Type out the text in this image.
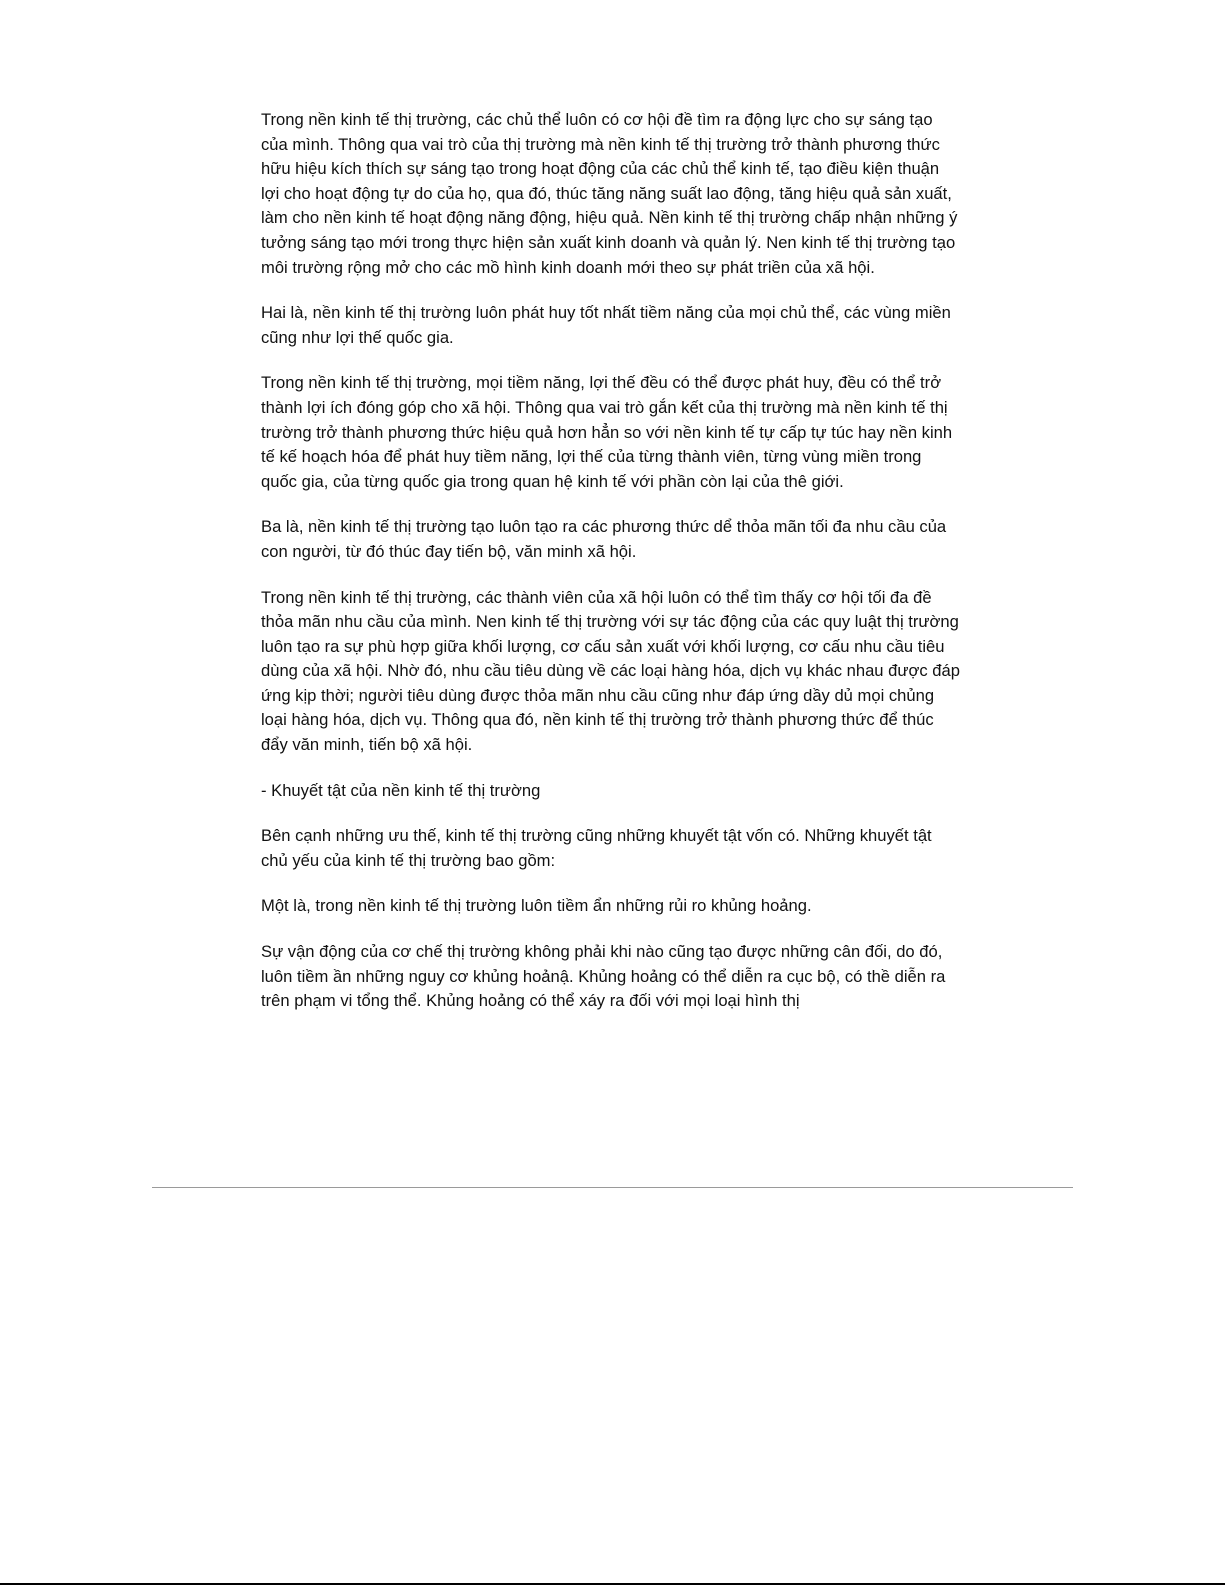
Trong nền kinh tế thị trường, các chủ thể luôn có cơ hội đề tìm ra động lực cho sự sáng tạo của mình. Thông qua vai trò của thị trường mà nền kinh tế thị trường trở thành phương thức hữu hiệu kích thích sự sáng tạo trong hoạt động của các chủ thể kinh tế, tạo điều kiện thuận lợi cho hoạt động tự do của họ, qua đó, thúc tăng năng suất lao động, tăng hiệu quả sản xuất, làm cho nền kinh tế hoạt động năng động, hiệu quả. Nền kinh tế thị trường chấp nhận những ý tưởng sáng tạo mới trong thực hiện sản xuất kinh doanh và quản lý. Nen kinh tế thị trường tạo môi trường rộng mở cho các mồ hình kinh doanh mới theo sự phát triền của xã hội.

Hai là, nền kinh tế thị trường luôn phát huy tốt nhất tiềm năng của mọi chủ thể, các vùng miền cũng như lợi thế quốc gia.

Trong nền kinh tế thị trường, mọi tiềm năng, lợi thế đều có thể được phát huy, đều có thể trở thành lợi ích đóng góp cho xã hội. Thông qua vai trò gắn kết của thị trường mà nền kinh tế thị trường trở thành phương thức hiệu quả hơn hẳn so với nền kinh tế tự cấp tự túc hay nền kinh tế kế hoạch hóa để phát huy tiềm năng, lợi thế của từng thành viên, từng vùng miền trong quốc gia, của từng quốc gia trong quan hệ kinh tế với phần còn lại của thê giới.

Ba là, nền kinh tế thị trường tạo luôn tạo ra các phương thức dể thỏa mãn tối đa nhu cầu của con người, từ đó thúc đay tiến bộ, văn minh xã hội.

Trong nền kinh tế thị trường, các thành viên của xã hội luôn có thể tìm thấy cơ hội tối đa đề thỏa mãn nhu cầu của mình. Nen kinh tế thị trường với sự tác động của các quy luật thị trường luôn tạo ra sự phù hợp giữa khối lượng, cơ cấu sản xuất với khối lượng, cơ cấu nhu cầu tiêu dùng của xã hội. Nhờ đó, nhu cầu tiêu dùng về các loại hàng hóa, dịch vụ khác nhau được đáp ứng kịp thời; người tiêu dùng được thỏa mãn nhu cầu cũng như đáp ứng dầy dủ mọi chủng loại hàng hóa, dịch vụ. Thông qua đó, nền kinh tế thị trường trở thành phương thức để thúc đẩy văn minh, tiến bộ xã hội.

- Khuyết tật của nền kinh tế thị trường

Bên cạnh những ưu thế, kinh tế thị trường cũng những khuyết tật vốn có. Những khuyết tật chủ yếu của kinh tế thị trường bao gồm:

Một là, trong nền kinh tế thị trường luôn tiềm ẩn những rủi ro khủng hoảng.

Sự vận động của cơ chế thị trường không phải khi nào cũng tạo được những cân đối, do đó, luôn tiềm ần những nguy cơ khủng hoảnậ. Khủng hoảng có thể diễn ra cục bộ, có thề diễn ra trên phạm vi tổng thể. Khủng hoảng có thể xáy ra đối với mọi loại hình thị
